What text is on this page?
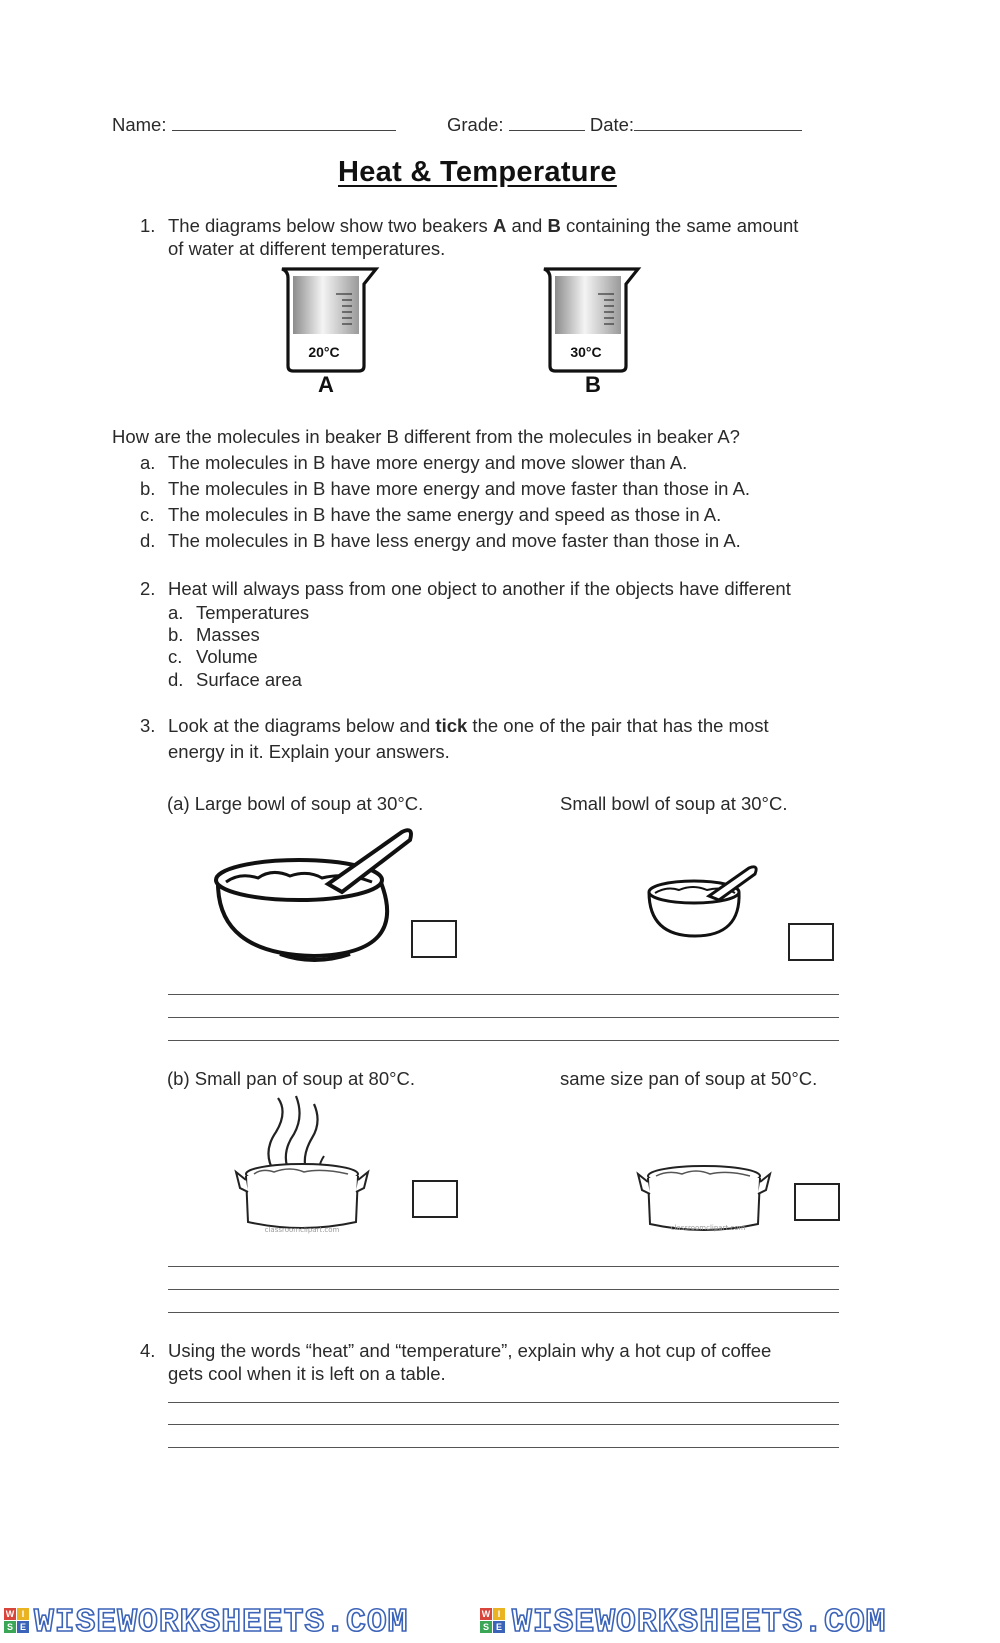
Name:	Grade:	Date:
Heat & Temperature
1. The diagrams below show two beakers A and B containing the same amount
of water at different temperatures.
20°C
A
30°C
B
How are the molecules in beaker B different from the molecules in beaker A?
a. The molecules in B have more energy and move slower than A.
b. The molecules in B have more energy and move faster than those in A.
c. The molecules in B have the same energy and speed as those in A.
d. The molecules in B have less energy and move faster than those in A.
2. Heat will always pass from one object to another if the objects have different
a. Temperatures
b. Masses
c. Volume
d. Surface area
3. Look at the diagrams below and tick the one of the pair that has the most
energy in it. Explain your answers.
(a) Large bowl of soup at 30°C.	Small bowl of soup at 30°C.
(b) Small pan of soup at 80°C.	same size pan of soup at 50°C.
classroomclipart.com	classroomclipart.com
4. Using the words “heat” and “temperature”, explain why a hot cup of coffee
gets cool when it is left on a table.
W I
S E WISEWORKSHEETS.COM	W I
S E WISEWORKSHEETS.COM
